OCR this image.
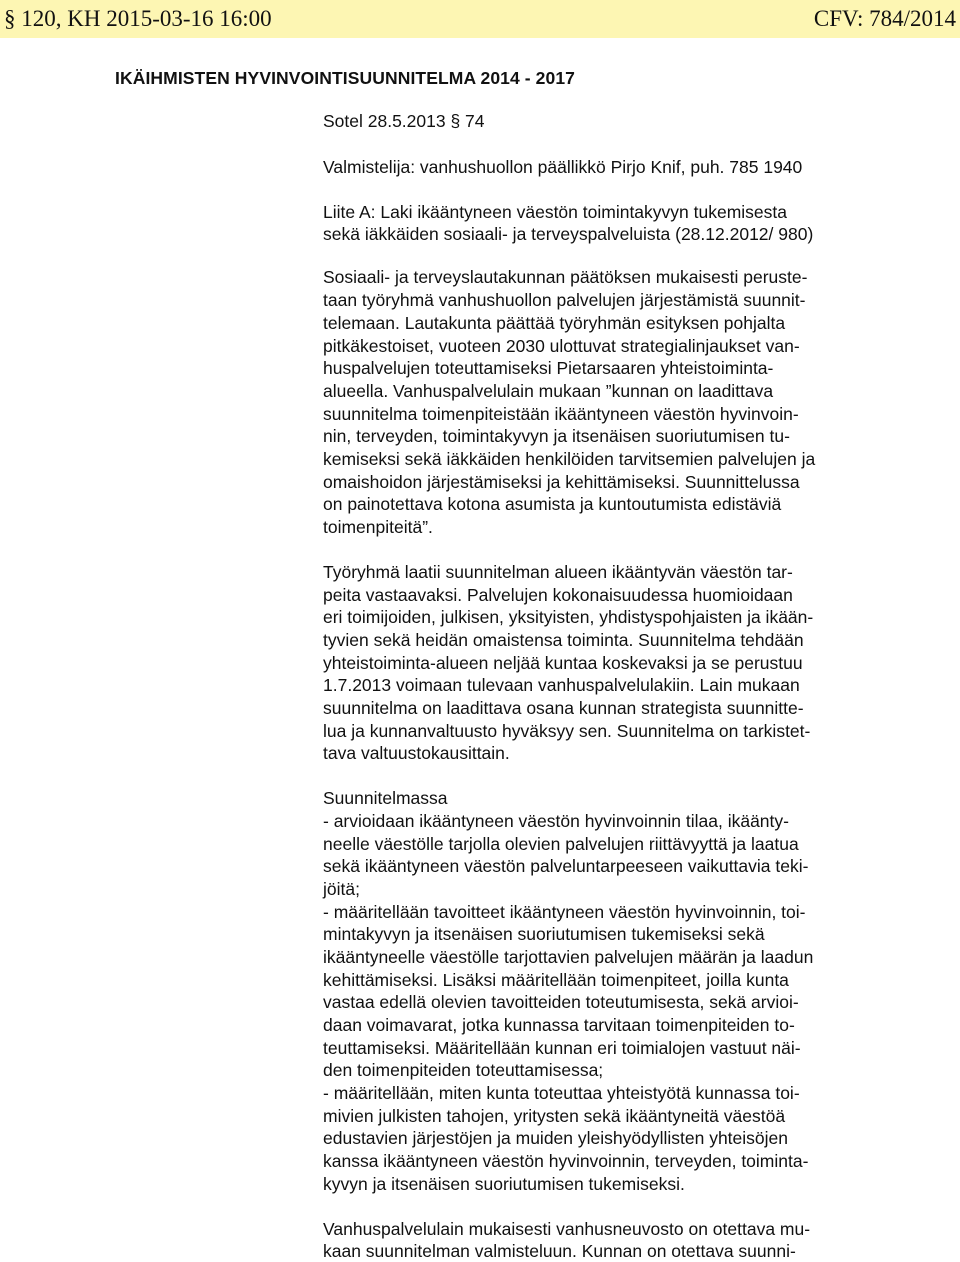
§ 120, KH 2015-03-16 16:00	CFV: 784/2014
IKÄIHMISTEN HYVINVOINTISUUNNITELMA 2014 - 2017
Sotel 28.5.2013 § 74
Valmistelija: vanhushuollon päällikkö Pirjo Knif, puh. 785 1940
Liite A: Laki ikääntyneen väestön toimintakyvyn tukemisesta
sekä iäkkäiden sosiaali- ja terveyspalveluista (28.12.2012/ 980)
Sosiaali- ja terveyslautakunnan päätöksen mukaisesti peruste-
taan työryhmä vanhushuollon palvelujen järjestämistä suunnit-
telemaan. Lautakunta päättää työryhmän esityksen pohjalta
pitkäkestoiset, vuoteen 2030 ulottuvat strategialinjaukset van-
huspalvelujen toteuttamiseksi Pietarsaaren yhteistoiminta-
alueella. Vanhuspalvelulain mukaan ”kunnan on laadittava
suunnitelma toimenpiteistään ikääntyneen väestön hyvinvoin-
nin, terveyden, toimintakyvyn ja itsenäisen suoriutumisen tu-
kemiseksi sekä iäkkäiden henkilöiden tarvitsemien palvelujen ja
omaishoidon järjestämiseksi ja kehittämiseksi. Suunnittelussa
on painotettava kotona asumista ja kuntoutumista edistäviä
toimenpiteitä”.
Työryhmä laatii suunnitelman alueen ikääntyvän väestön tar-
peita vastaavaksi. Palvelujen kokonaisuudessa huomioidaan
eri toimijoiden, julkisen, yksityisten, yhdistyspohjaisten ja ikään-
tyvien sekä heidän omaistensa toiminta. Suunnitelma tehdään
yhteistoiminta-alueen neljää kuntaa koskevaksi ja se perustuu
1.7.2013 voimaan tulevaan vanhuspalvelulakiin. Lain mukaan
suunnitelma on laadittava osana kunnan strategista suunnitte-
lua ja kunnanvaltuusto hyväksyy sen. Suunnitelma on tarkistet-
tava valtuustokausittain.
Suunnitelmassa
- arvioidaan ikääntyneen väestön hyvinvoinnin tilaa, ikäänty-
neelle väestölle tarjolla olevien palvelujen riittävyyttä ja laatua
sekä ikääntyneen väestön palveluntarpeeseen vaikuttavia teki-
jöitä;
- määritellään tavoitteet ikääntyneen väestön hyvinvoinnin, toi-
mintakyvyn ja itsenäisen suoriutumisen tukemiseksi sekä
ikääntyneelle väestölle tarjottavien palvelujen määrän ja laadun
kehittämiseksi. Lisäksi määritellään toimenpiteet, joilla kunta
vastaa edellä olevien tavoitteiden toteutumisesta, sekä arvioi-
daan voimavarat, jotka kunnassa tarvitaan toimenpiteiden to-
teuttamiseksi. Määritellään kunnan eri toimialojen vastuut näi-
den toimenpiteiden toteuttamisessa;
- määritellään, miten kunta toteuttaa yhteistyötä kunnassa toi-
mivien julkisten tahojen, yritysten sekä ikääntyneitä väestöä
edustavien järjestöjen ja muiden yleishyödyllisten yhteisöjen
kanssa ikääntyneen väestön hyvinvoinnin, terveyden, toiminta-
kyvyn ja itsenäisen suoriutumisen tukemiseksi.
Vanhuspalvelulain mukaisesti vanhusneuvosto on otettava mu-
kaan suunnitelman valmisteluun. Kunnan on otettava suunni-
